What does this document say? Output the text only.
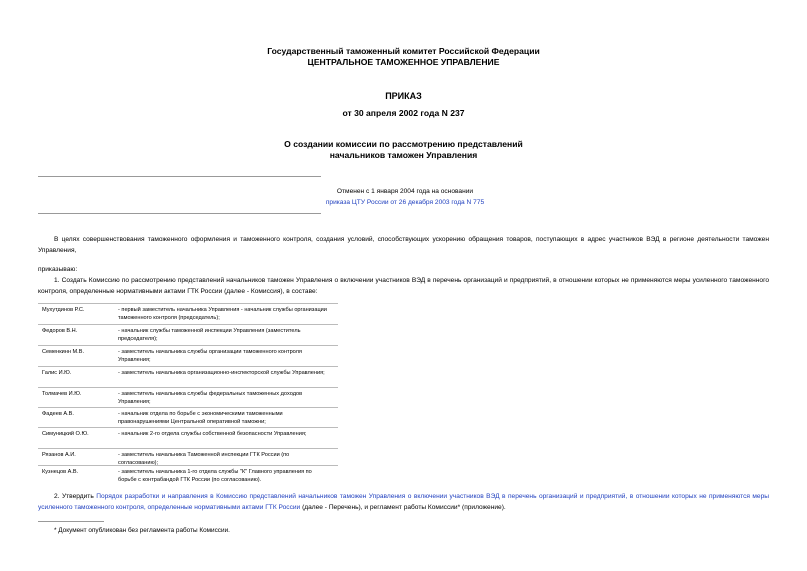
Государственный таможенный комитет Российской Федерации
ЦЕНТРАЛЬНОЕ ТАМОЖЕННОЕ УПРАВЛЕНИЕ
ПРИКАЗ
от 30 апреля 2002 года N 237
О создании комиссии по рассмотрению представлений
начальников таможен Управления
Отменен с 1 января 2004 года на основании
приказа ЦТУ России от 26 декабря 2003 года N 775
В целях совершенствования таможенного оформления и таможенного контроля, создания условий, способствующих ускорению обращения товаров, поступающих в адрес участников ВЭД в регионе деятельности таможен Управления,
приказываю:
1. Создать Комиссию по рассмотрению представлений начальников таможен Управления о включении участников ВЭД в перечень организаций и предприятий, в отношении которых не применяются меры усиленного таможенного контроля, определенные нормативными актами ГТК России (далее - Комиссия), в составе:
Мухутдинов Р.С.	- первый заместитель начальника Управления - начальник службы организации таможенного контроля (председатель);
Федоров В.Н.	- начальник службы таможенной инспекции Управления (заместитель председателя);
Семенкинн М.В.	- заместитель начальника службы организации таможенного контроля Управления;
Галис И.Ю.	- заместитель начальника организационно-инспекторской службы Управления;
Толмачев И.Ю.	- заместитель начальника службы федеральных таможенных доходов Управления;
Фадеев А.В.	- начальник отдела по борьбе с экономическими таможенными правонарушениями Центральной оперативной таможни;
Симуницкий О.Ю.	- начальник 2-го отдела службы собственной безопасности Управления;
Рязанов А.И.	- заместитель начальника Таможенной инспекции ГТК России (по согласованию);
Кузнецов А.В.	- заместитель начальника 1-го отдела службы "К" Главного управления по борьбе с контрабандой ГТК России (по согласованию).
2. Утвердить Порядок разработки и направления в Комиссию представлений начальников таможен Управления о включении участников ВЭД в перечень организаций и предприятий, в отношении которых не применяются меры усиленного таможенного контроля, определенные нормативными актами ГТК России (далее - Перечень), и регламент работы Комиссии* (приложение).
* Документ опубликован без регламента работы Комиссии.
